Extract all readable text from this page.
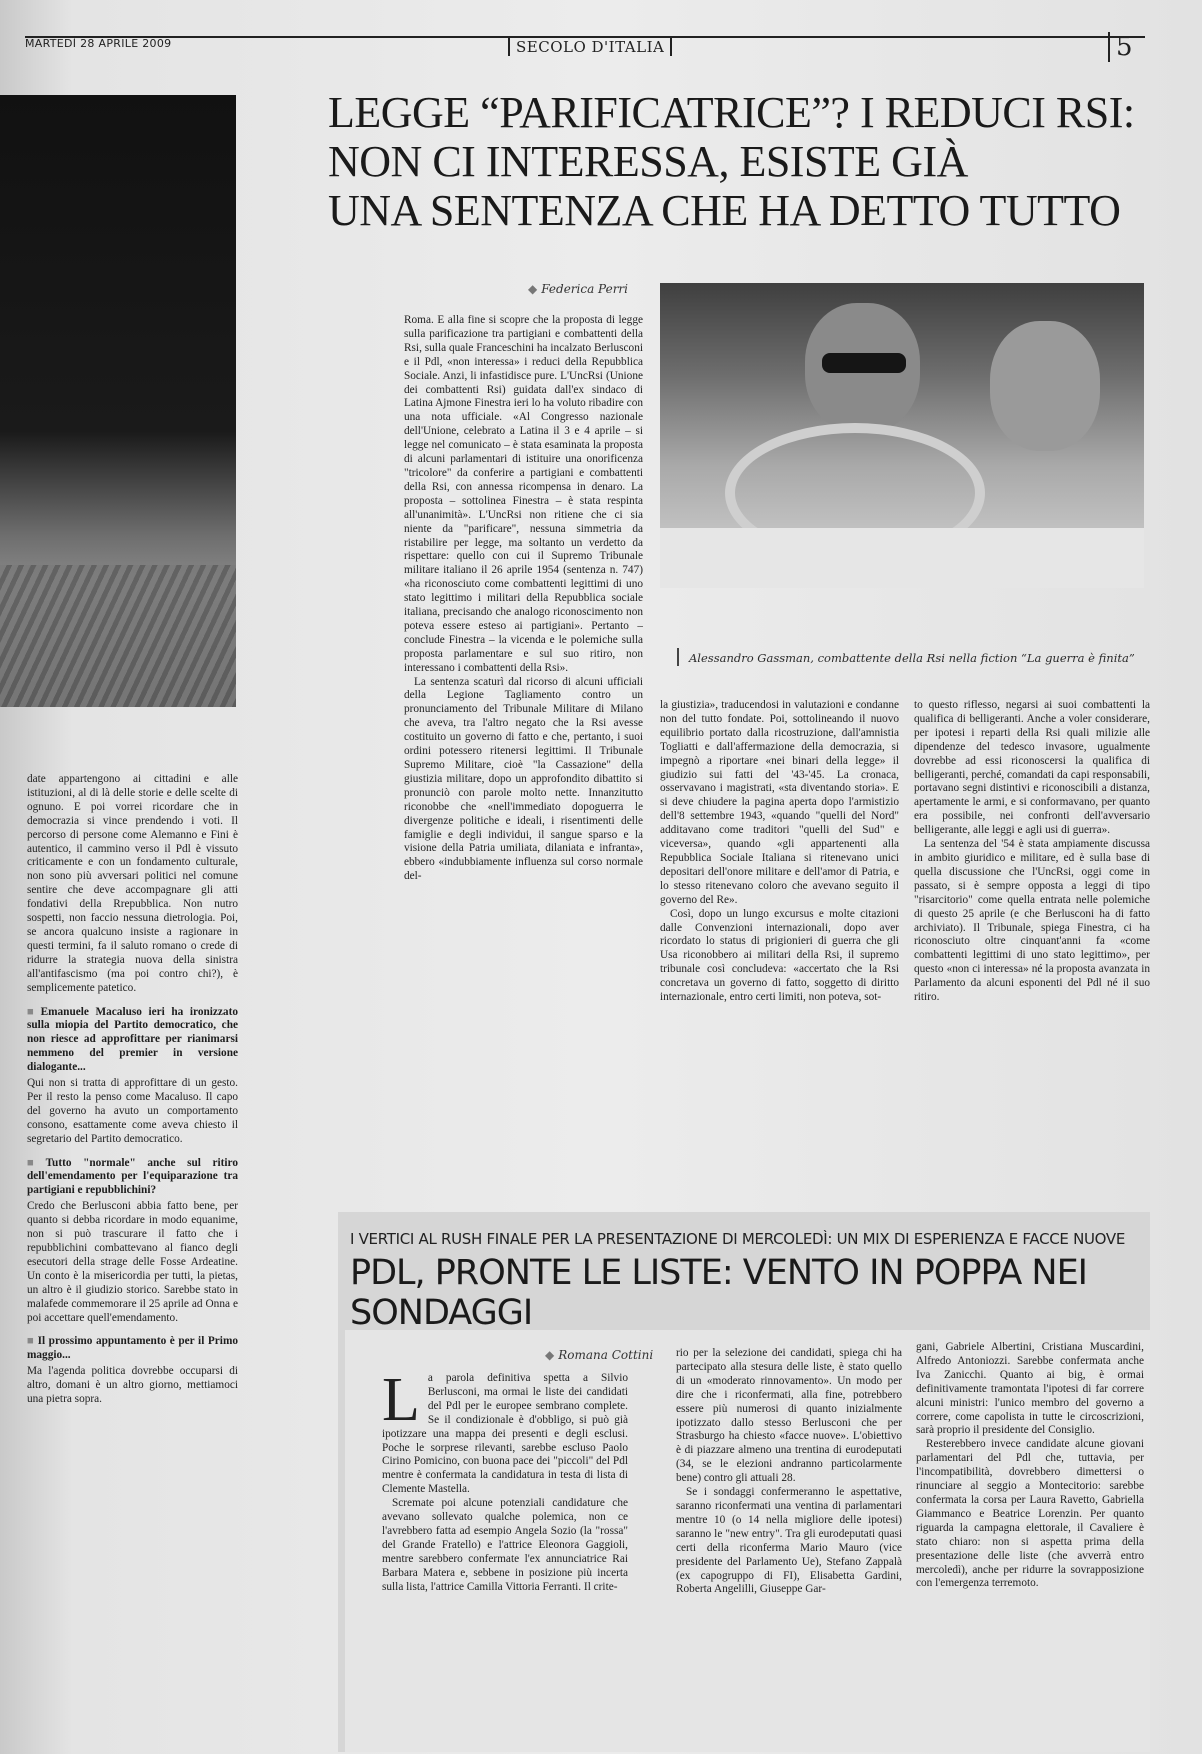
MARTEDÌ 28 APRILE 2009	SECOLO D'ITALIA	5
LEGGE “PARIFICATRICE”? I REDUCI RSI:
NON CI INTERESSA, ESISTE GIÀ
UNA SENTENZA CHE HA DETTO TUTTO
◆ Federica Perri
Alessandro Gassman, combattente della Rsi nella fiction “La guerra è finita”

Roma. E alla fine si scopre che la proposta di legge sulla parificazione tra partigiani e combattenti della Rsi, sulla quale Franceschini ha incalzato Berlusconi e il Pdl, «non interessa» i reduci della Repubblica Sociale. Anzi, li infastidisce pure. L'UncRsi (Unione dei combattenti Rsi) guidata dall'ex sindaco di Latina Ajmone Finestra ieri lo ha voluto ribadire con una nota ufficiale. «Al Congresso nazionale dell'Unione, celebrato a Latina il 3 e 4 aprile – si legge nel comunicato – è stata esaminata la proposta di alcuni parlamentari di istituire una onorificenza "tricolore" da conferire a partigiani e combattenti della Rsi, con annessa ricompensa in denaro. La proposta – sottolinea Finestra – è stata respinta all'unanimità». L'UncRsi non ritiene che ci sia niente da "parificare", nessuna simmetria da ristabilire per legge, ma soltanto un verdetto da rispettare: quello con cui il Supremo Tribunale militare italiano il 26 aprile 1954 (sentenza n. 747) «ha riconosciuto come combattenti legittimi di uno stato legittimo i militari della Repubblica sociale italiana, precisando che analogo riconoscimento non poteva essere esteso ai partigiani». Pertanto – conclude Finestra – la vicenda e le polemiche sulla proposta parlamentare e sul suo ritiro, non interessano i combattenti della Rsi».

La sentenza scaturì dal ricorso di alcuni ufficiali della Legione Tagliamento contro un pronunciamento del Tribunale Militare di Milano che aveva, tra l'altro negato che la Rsi avesse costituito un governo di fatto e che, pertanto, i suoi ordini potessero ritenersi legittimi. Il Tribunale Supremo Militare, cioè "la Cassazione" della giustizia militare, dopo un approfondito dibattito si pronunciò con parole molto nette. Innanzitutto riconobbe che «nell'immediato dopoguerra le divergenze politiche e ideali, i risentimenti delle famiglie e degli individui, il sangue sparso e la visione della Patria umiliata, dilaniata e infranta», ebbero «indubbiamente influenza sul corso normale del-

la giustizia», traducendosi in valutazioni e condanne non del tutto fondate. Poi, sottolineando il nuovo equilibrio portato dalla ricostruzione, dall'amnistia Togliatti e dall'affermazione della democrazia, si impegnò a riportare «nei binari della legge» il giudizio sui fatti del '43-'45. La cronaca, osservavano i magistrati, «sta diventando storia». E si deve chiudere la pagina aperta dopo l'armistizio dell'8 settembre 1943, «quando "quelli del Nord" additavano come traditori "quelli del Sud" e viceversa», quando «gli appartenenti alla Repubblica Sociale Italiana si ritenevano unici depositari dell'onore militare e dell'amor di Patria, e lo stesso ritenevano coloro che avevano seguito il governo del Re».

Così, dopo un lungo excursus e molte citazioni dalle Convenzioni internazionali, dopo aver ricordato lo status di prigionieri di guerra che gli Usa riconobbero ai militari della Rsi, il supremo tribunale così concludeva: «accertato che la Rsi concretava un governo di fatto, soggetto di diritto internazionale, entro certi limiti, non poteva, sot-

to questo riflesso, negarsi ai suoi combattenti la qualifica di belligeranti. Anche a voler considerare, per ipotesi i reparti della Rsi quali milizie alle dipendenze del tedesco invasore, ugualmente dovrebbe ad essi riconoscersi la qualifica di belligeranti, perché, comandati da capi responsabili, portavano segni distintivi e riconoscibili a distanza, apertamente le armi, e si conformavano, per quanto era possibile, nei confronti dell'avversario belligerante, alle leggi e agli usi di guerra».

La sentenza del '54 è stata ampiamente discussa in ambito giuridico e militare, ed è sulla base di quella discussione che l'UncRsi, oggi come in passato, si è sempre opposta a leggi di tipo "risarcitorio" come quella entrata nelle polemiche di questo 25 aprile (e che Berlusconi ha di fatto archiviato). Il Tribunale, spiega Finestra, ci ha riconosciuto oltre cinquant'anni fa «come combattenti legittimi di uno stato legittimo», per questo «non ci interessa» né la proposta avanzata in Parlamento da alcuni esponenti del Pdl né il suo ritiro.

date appartengono ai cittadini e alle istituzioni, al di là delle storie e delle scelte di ognuno. E poi vorrei ricordare che in democrazia si vince prendendo i voti. Il percorso di persone come Alemanno e Fini è autentico, il cammino verso il Pdl è vissuto criticamente e con un fondamento culturale, non sono più avversari politici nel comune sentire che deve accompagnare gli atti fondativi della Rrepubblica. Non nutro sospetti, non faccio nessuna dietrologia. Poi, se ancora qualcuno insiste a ragionare in questi termini, fa il saluto romano o crede di ridurre la strategia nuova della sinistra all'antifascismo (ma poi contro chi?), è semplicemente patetico.

■ Emanuele Macaluso ieri ha ironizzato sulla miopia del Partito democratico, che non riesce ad approfittare per rianimarsi nemmeno del premier in versione dialogante...

Qui non si tratta di approfittare di un gesto. Per il resto la penso come Macaluso. Il capo del governo ha avuto un comportamento consono, esattamente come aveva chiesto il segretario del Partito democratico.

■ Tutto "normale" anche sul ritiro dell'emendamento per l'equiparazione tra partigiani e repubblichini?

Credo che Berlusconi abbia fatto bene, per quanto si debba ricordare in modo equanime, non si può trascurare il fatto che i repubblichini combattevano al fianco degli esecutori della strage delle Fosse Ardeatine. Un conto è la misericordia per tutti, la pietas, un altro è il giudizio storico. Sarebbe stato in malafede commemorare il 25 aprile ad Onna e poi accettare quell'emendamento.

■ Il prossimo appuntamento è per il Primo maggio...

Ma l'agenda politica dovrebbe occuparsi di altro, domani è un altro giorno, mettiamoci una pietra sopra.

I VERTICI AL RUSH FINALE PER LA PRESENTAZIONE DI MERCOLEDÌ: UN MIX DI ESPERIENZA E FACCE NUOVE
PDL, PRONTE LE LISTE: VENTO IN POPPA NEI SONDAGGI
◆ Romana Cottini
L a parola definitiva spetta a Silvio Berlusconi, ma ormai le liste dei candidati del Pdl per le europee sembrano complete. Se il condizionale è d'obbligo, si può già ipotizzare una mappa dei presenti e degli esclusi. Poche le sorprese rilevanti, sarebbe escluso Paolo Cirino Pomicino, con buona pace dei "piccoli" del Pdl mentre è confermata la candidatura in testa di lista di Clemente Mastella.

Scremate poi alcune potenziali candidature che avevano sollevato qualche polemica, non ce l'avrebbero fatta ad esempio Angela Sozio (la "rossa" del Grande Fratello) e l'attrice Eleonora Gaggioli, mentre sarebbero confermate l'ex annunciatrice Rai Barbara Matera e, sebbene in posizione più incerta sulla lista, l'attrice Camilla Vittoria Ferranti. Il crite-

rio per la selezione dei candidati, spiega chi ha partecipato alla stesura delle liste, è stato quello di un «moderato rinnovamento». Un modo per dire che i riconfermati, alla fine, potrebbero essere più numerosi di quanto inizialmente ipotizzato dallo stesso Berlusconi che per Strasburgo ha chiesto «facce nuove». L'obiettivo è di piazzare almeno una trentina di eurodeputati (34, se le elezioni andranno particolarmente bene) contro gli attuali 28.

Se i sondaggi confermeranno le aspettative, saranno riconfermati una ventina di parlamentari mentre 10 (o 14 nella migliore delle ipotesi) saranno le "new entry". Tra gli eurodeputati quasi certi della riconferma Mario Mauro (vice presidente del Parlamento Ue), Stefano Zappalà (ex capogruppo di FI), Elisabetta Gardini, Roberta Angelilli, Giuseppe Gar-

gani, Gabriele Albertini, Cristiana Muscardini, Alfredo Antoniozzi. Sarebbe confermata anche Iva Zanicchi. Quanto ai big, è ormai definitivamente tramontata l'ipotesi di far correre alcuni ministri: l'unico membro del governo a correre, come capolista in tutte le circoscrizioni, sarà proprio il presidente del Consiglio.

Resterebbero invece candidate alcune giovani parlamentari del Pdl che, tuttavia, per l'incompatibilità, dovrebbero dimettersi o rinunciare al seggio a Montecitorio: sarebbe confermata la corsa per Laura Ravetto, Gabriella Giammanco e Beatrice Lorenzin. Per quanto riguarda la campagna elettorale, il Cavaliere è stato chiaro: non si aspetta prima della presentazione delle liste (che avverrà entro mercoledì), anche per ridurre la sovrapposizione con l'emergenza terremoto.
